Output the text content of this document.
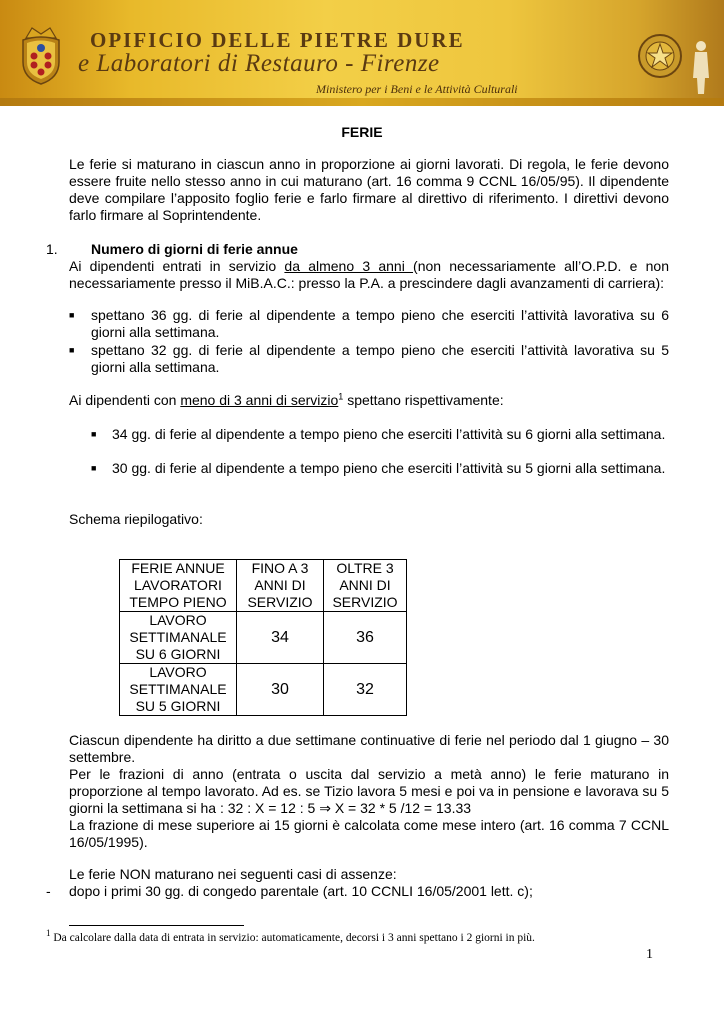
OPIFICIO DELLE PIETRE DURE
e Laboratori di Restauro - Firenze
Ministero per i Beni e le Attività Culturali
FERIE

Le ferie si maturano in ciascun anno in proporzione ai giorni lavorati. Di regola, le ferie devono essere fruite nello stesso anno in cui maturano (art. 16 comma 9 CCNL 16/05/95). Il dipendente deve compilare l’apposito foglio ferie e farlo firmare al direttivo di riferimento. I direttivi devono farlo firmare al Soprintendente.

1. Numero di giorni di ferie annue

Ai dipendenti entrati in servizio da almeno 3 anni (non necessariamente all’O.P.D. e non necessariamente presso il MiB.A.C.: presso la P.A. a prescindere dagli avanzamenti di carriera):

■ spettano 36 gg. di ferie al dipendente a tempo pieno che eserciti l’attività lavorativa su 6 giorni alla settimana.
■ spettano 32 gg. di ferie al dipendente a tempo pieno che eserciti l’attività lavorativa su 5 giorni alla settimana.

Ai dipendenti con meno di 3 anni di servizio$^1$ spettano rispettivamente:

■ 34 gg. di ferie al dipendente a tempo pieno che eserciti l’attività su 6 giorni alla settimana.
■ 30 gg. di ferie al dipendente a tempo pieno che eserciti l’attività su 5 giorni alla settimana.

Schema riepilogativo:

FERIE ANNUE LAVORATORI TEMPO PIENO	FINO A 3 ANNI DI SERVIZIO	OLTRE 3 ANNI DI SERVIZIO
LAVORO SETTIMANALE SU 6 GIORNI	34	36
LAVORO SETTIMANALE SU 5 GIORNI	30	32

Ciascun dipendente ha diritto a due settimane continuative di ferie nel periodo dal 1 giugno – 30 settembre.

Per le frazioni di anno (entrata o uscita dal servizio a metà anno) le ferie maturano in proporzione al tempo lavorato. Ad es. se Tizio lavora 5 mesi e poi va in pensione e lavorava su 5 giorni la settimana si ha : 32 : X = 12 : 5 ⇒ X = 32 * 5 /12 = 13.33

La frazione di mese superiore ai 15 giorni è calcolata come mese intero (art. 16 comma 7 CCNL 16/05/1995).

Le ferie NON maturano nei seguenti casi di assenze:

- dopo i primi 30 gg. di congedo parentale (art. 10 CCNLI 16/05/2001 lett. c);

$^1$ Da calcolare dalla data di entrata in servizio: automaticamente, decorsi i 3 anni spettano i 2 giorni in più.
1
